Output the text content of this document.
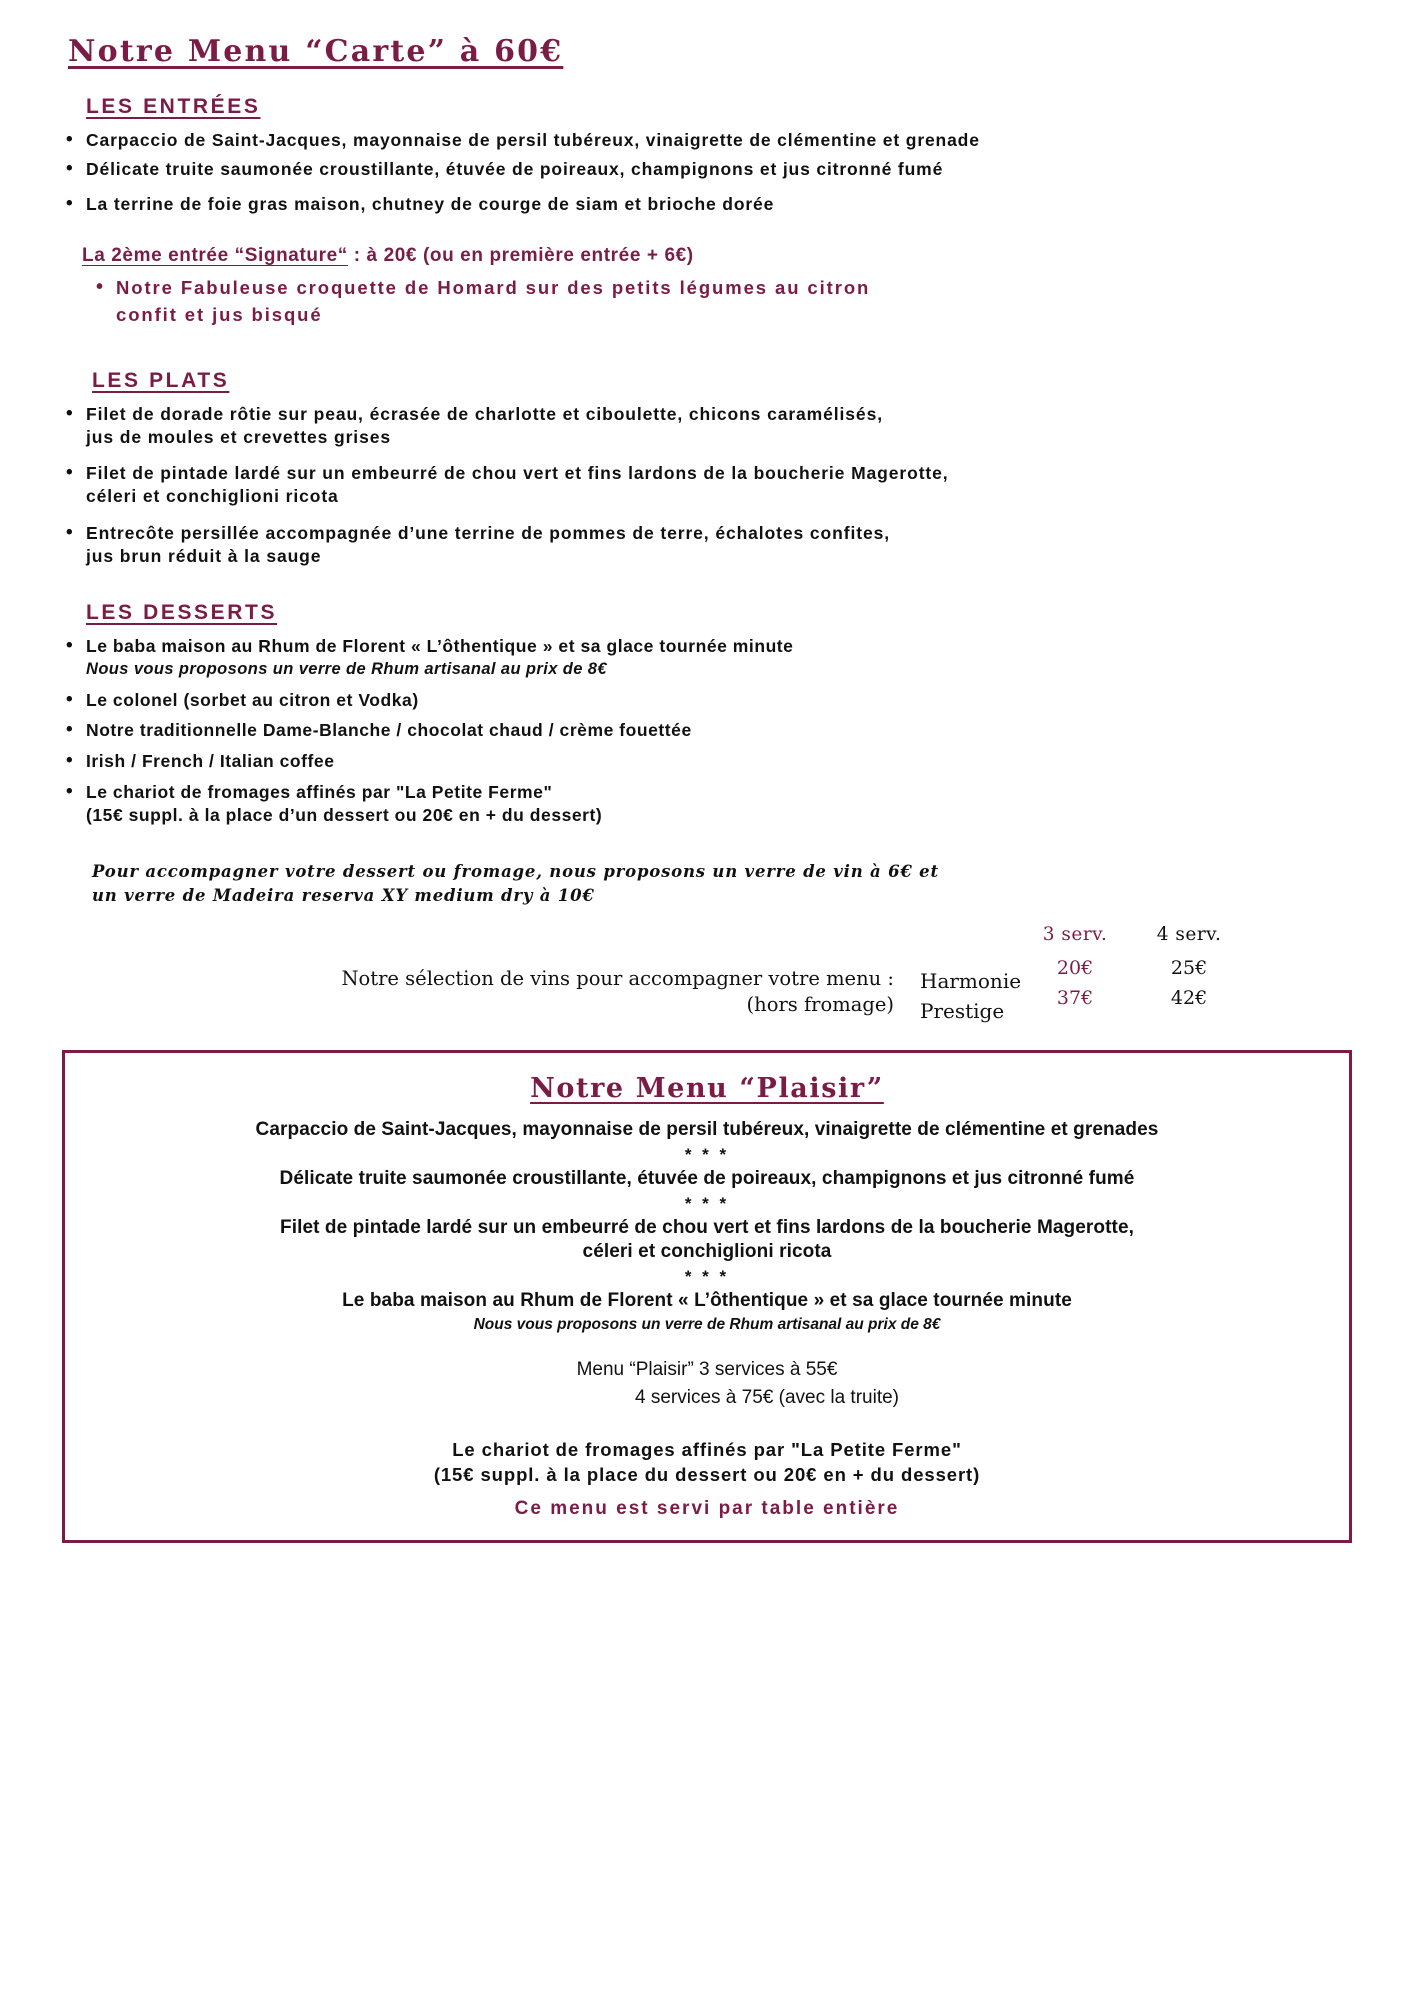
Notre Menu “Carte” à 60€
LES ENTRÉES
• Carpaccio de Saint-Jacques, mayonnaise de persil tubéreux, vinaigrette de clémentine et grenade
• Délicate truite saumonée croustillante, étuvée de poireaux, champignons et jus citronné fumé
• La terrine de foie gras maison, chutney de courge de siam et brioche dorée
La 2ème entrée “Signature“ : à 20€ (ou en première entrée + 6€)
• Notre Fabuleuse croquette de Homard sur des petits légumes au citron
confit et jus bisqué
LES PLATS
• Filet de dorade rôtie sur peau, écrasée de charlotte et ciboulette, chicons caramélisés,
jus de moules et crevettes grises
• Filet de pintade lardé sur un embeurré de chou vert et fins lardons de la boucherie Magerotte,
céleri et conchiglioni ricota
• Entrecôte persillée accompagnée d’une terrine de pommes de terre, échalotes confites,
jus brun réduit à la sauge
LES DESSERTS
• Le baba maison au Rhum de Florent « L’ôthentique » et sa glace tournée minute
Nous vous proposons un verre de Rhum artisanal au prix de 8€
• Le colonel (sorbet au citron et Vodka)
• Notre traditionnelle Dame-Blanche / chocolat chaud / crème fouettée
• Irish / French / Italian coffee
• Le chariot de fromages affinés par "La Petite Ferme"
(15€ suppl. à la place d’un dessert ou 20€ en + du dessert)
Pour accompagner votre dessert ou fromage, nous proposons un verre de vin à 6€ et
un verre de Madeira reserva XY medium dry à 10€
Notre sélection de vins pour accompagner votre menu :
(hors fromage)
Harmonie
Prestige
3 serv.
20€
37€
4 serv.
25€
42€
Notre Menu “Plaisir”

Carpaccio de Saint-Jacques, mayonnaise de persil tubéreux, vinaigrette de clémentine et grenades

* * *

Délicate truite saumonée croustillante, étuvée de poireaux, champignons et jus citronné fumé

* * *

Filet de pintade lardé sur un embeurré de chou vert et fins lardons de la boucherie Magerotte,

céleri et conchiglioni ricota

* * *

Le baba maison au Rhum de Florent « L’ôthentique » et sa glace tournée minute

Nous vous proposons un verre de Rhum artisanal au prix de 8€

Menu “Plaisir” 3 services à 55€

4 services à 75€ (avec la truite)

Le chariot de fromages affinés par "La Petite Ferme"

(15€ suppl. à la place du dessert ou 20€ en + du dessert)

Ce menu est servi par table entière
